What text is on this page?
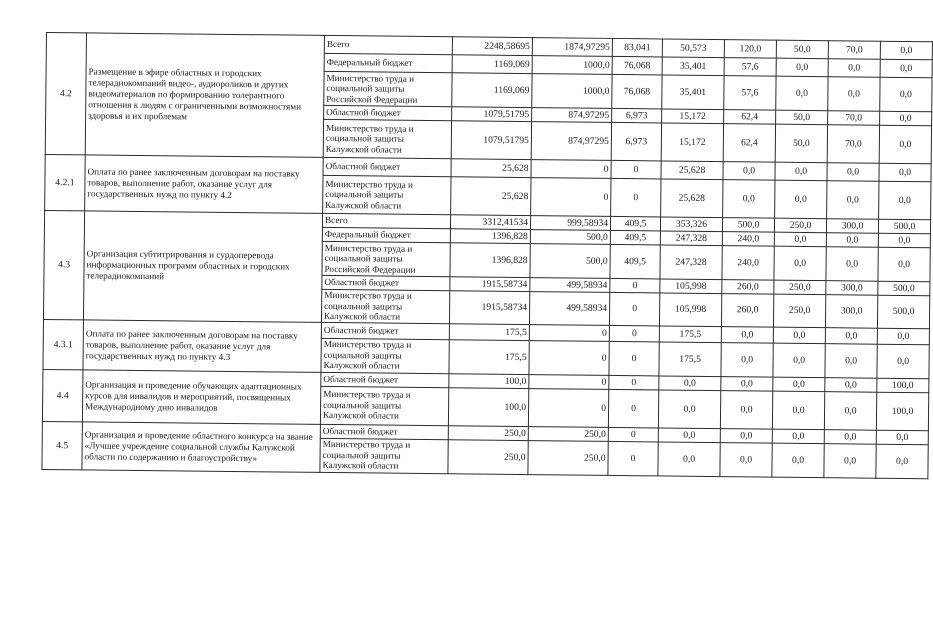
4.2	Размещение в эфире областных и городских телерадиокомпаний видео-, аудиороликов и других видеоматериалов по формированию толерантного отношения к людям с ограниченными возможностями здоровья и их проблемам	Всего	2248,58695	1874,97295	83,041	50,573	120,0	50,0	70,0	0,0
		Федеральный бюджет	1169,069	1000,0	76,068	35,401	57,6	0,0	0,0	0,0
		Министерство труда и социальной защиты Российской Федерации	1169,069	1000,0	76,068	35,401	57,6	0,0	0,0	0,0
		Областной бюджет	1079,51795	874,97295	6,973	15,172	62,4	50,0	70,0	0,0
		Министерство труда и социальной защиты Калужской области	1079,51795	874,97295	6,973	15,172	62,4	50,0	70,0	0,0
4.2.1	Оплата по ранее заключенным договорам на поставку товаров, выполнение работ, оказание услуг для государственных нужд по пункту 4.2	Областной бюджет	25,628	0	0	25,628	0,0	0,0	0,0	0,0
		Министерство труда и социальной защиты Калужской области	25,628	0	0	25,628	0,0	0,0	0,0	0,0
4.3	Организация субтитрирования и сурдоперевода информационных программ областных и городских телерадиокомпаний	Всего	3312,41534	999,58934	409,5	353,326	500,0	250,0	300,0	500,0
		Федеральный бюджет	1396,828	500,0	409,5	247,328	240,0	0,0	0,0	0,0
		Министерство труда и социальной защиты Российской Федерации	1396,828	500,0	409,5	247,328	240,0	0,0	0,0	0,0
		Областной бюджет	1915,58734	499,58934	0	105,998	260,0	250,0	300,0	500,0
		Министерство труда и социальной защиты Калужской области	1915,58734	499,58934	0	105,998	260,0	250,0	300,0	500,0
4.3.1	Оплата по ранее заключенным договорам на поставку товаров, выполнение работ, оказание услуг для государственных нужд по пункту 4.3	Областной бюджет	175,5	0	0	175,5	0,0	0,0	0,0	0,0
		Министерство труда и социальной защиты Калужской области	175,5	0	0	175,5	0,0	0,0	0,0	0,0
4.4	Организация и проведение обучающих адаптационных курсов для инвалидов и мероприятий, посвященных Международному дню инвалидов	Областной бюджет	100,0	0	0	0,0	0,0	0,0	0,0	100,0
		Министерство труда и социальной защиты Калужской области	100,0	0	0	0,0	0,0	0,0	0,0	100,0
4.5	Организация и проведение областного конкурса на звание «Лучшее учреждение социальной службы Калужской области по содержанию и благоустройству»	Областной бюджет	250,0	250,0	0	0,0	0,0	0,0	0,0	0,0
		Министерство труда и социальной защиты Калужской области	250,0	250,0	0	0,0	0,0	0,0	0,0	0,0
